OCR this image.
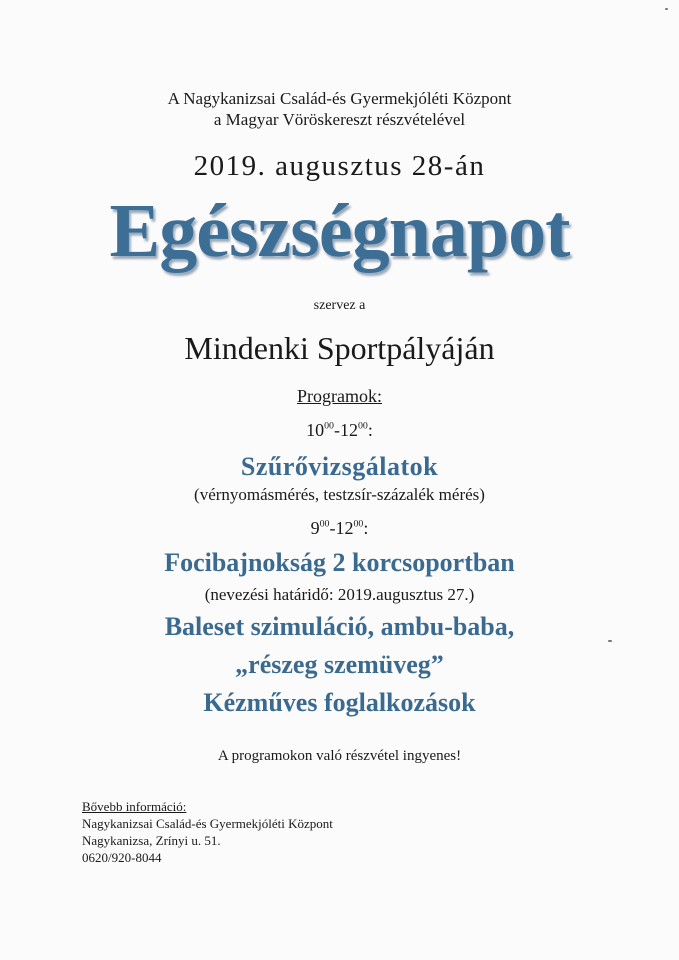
A Nagykanizsai Család-és Gyermekjóléti Központ
a Magyar Vöröskereszt részvételével
2019. augusztus 28-án
Egészségnapot
szervez a
Mindenki Sportpályáján
Programok:
$10^{00}-12^{00}$:
Szűrővizsgálatok
(vérnyomásmérés, testzsír-százalék mérés)
$9^{00}-12^{00}$:
Focibajnokság 2 korcsoportban
(nevezési határidő: 2019.augusztus 27.)
Baleset szimuláció, ambu-baba,
„részeg szemüveg”
Kézműves foglalkozások
A programokon való részvétel ingyenes!
Bővebb információ:
Nagykanizsai Család-és Gyermekjóléti Központ
Nagykanizsa, Zrínyi u. 51.
0620/920-8044
